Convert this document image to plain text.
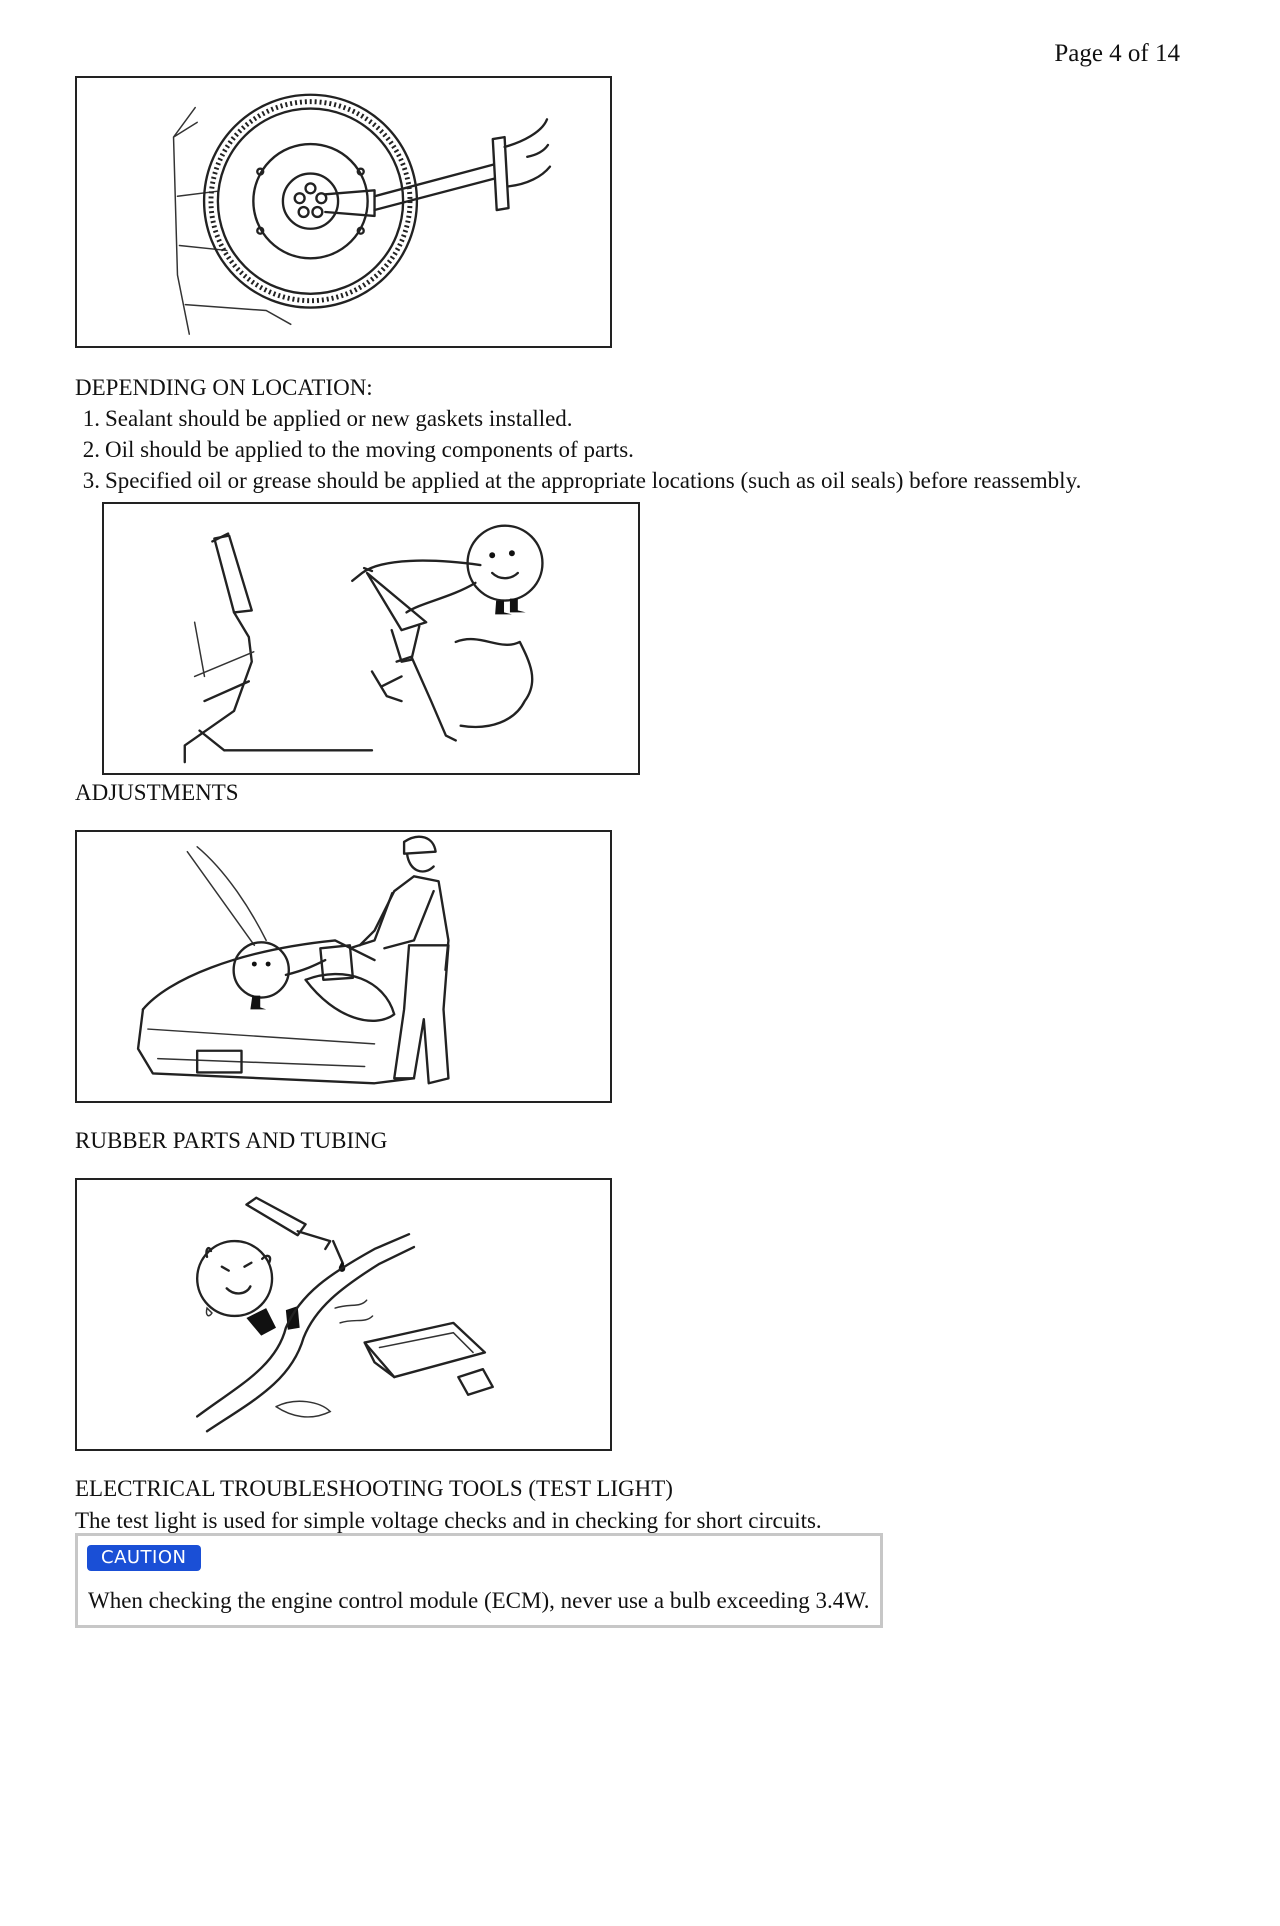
Page 4 of 14
DEPENDING ON LOCATION:
1. Sealant should be applied or new gaskets installed.
2. Oil should be applied to the moving components of parts.
3. Specified oil or grease should be applied at the appropriate locations (such as oil seals) before reassembly.
ADJUSTMENTS
RUBBER PARTS AND TUBING
ELECTRICAL TROUBLESHOOTING TOOLS (TEST LIGHT)
The test light is used for simple voltage checks and in checking for short circuits.
CAUTION
When checking the engine control module (ECM), never use a bulb exceeding 3.4W.
